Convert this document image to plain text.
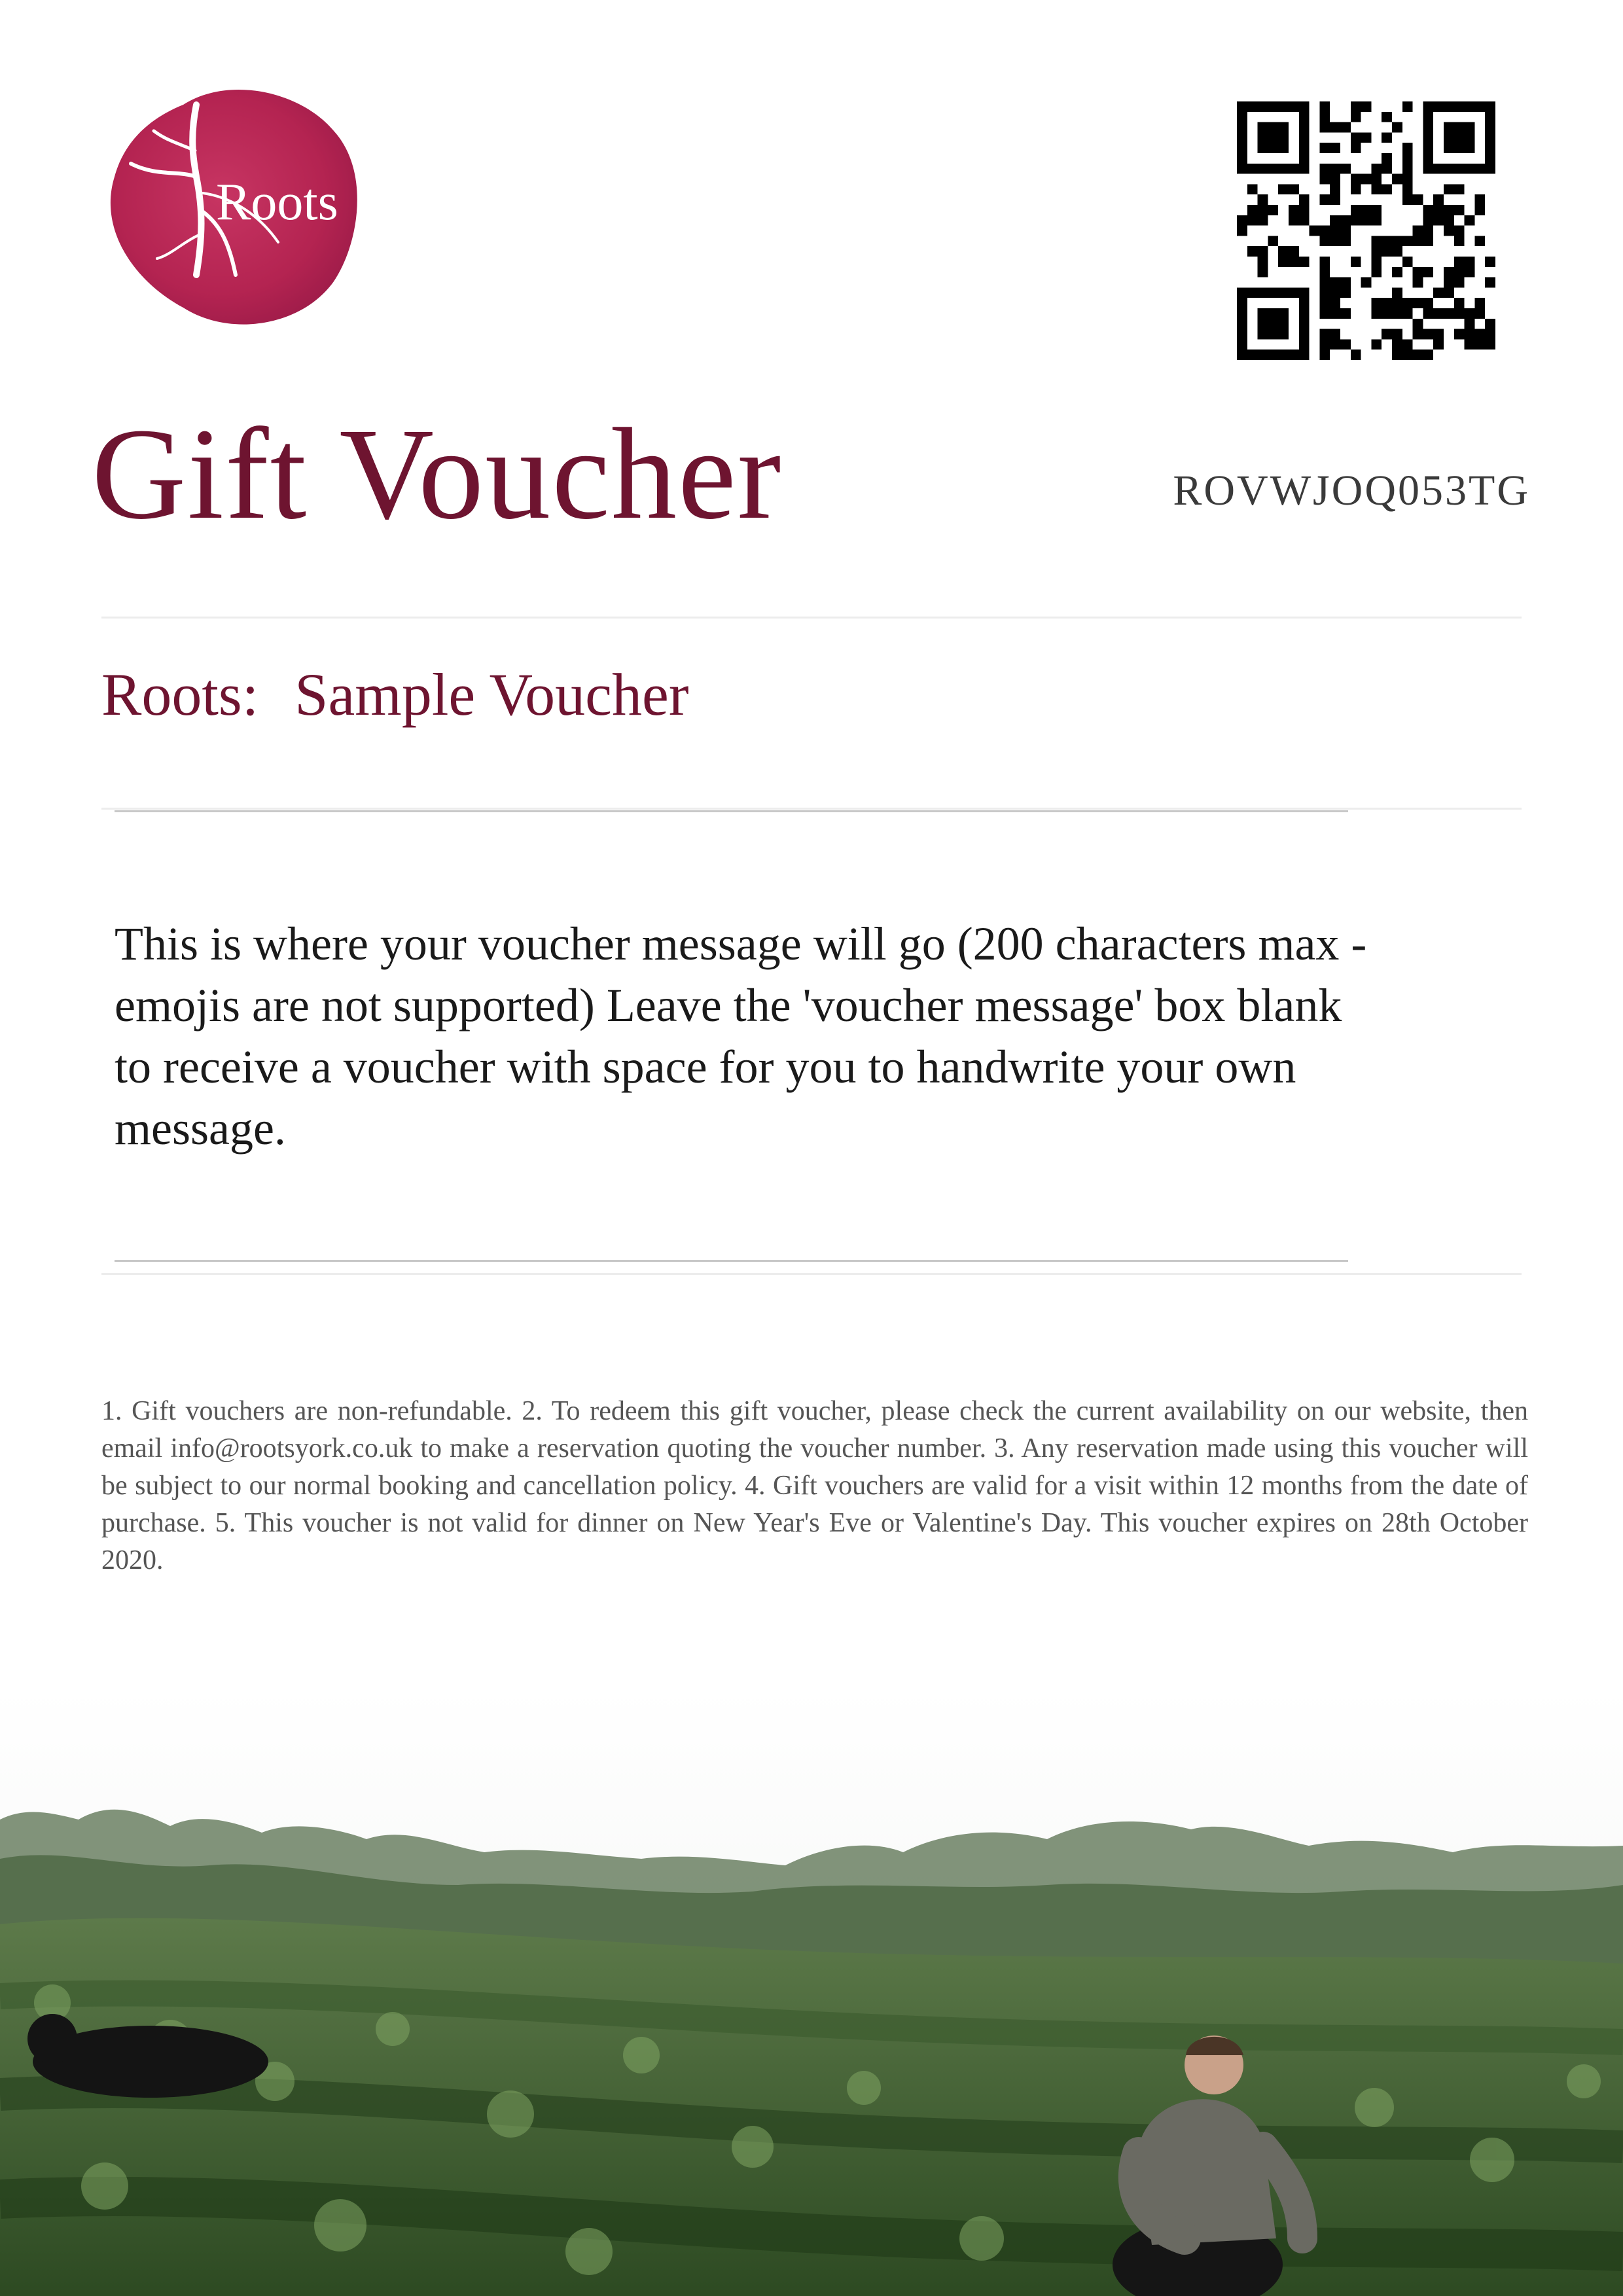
Roots
Gift Voucher	ROVWJOQ053TG
Roots: Sample Voucher
This is where your voucher message will go (200 characters max - emojis are not supported) Leave the 'voucher message' box blank to receive a voucher with space for you to handwrite your own message.
1. Gift vouchers are non-refundable. 2. To redeem this gift voucher, please check the current availability on our website, then email info@rootsyork.co.uk to make a reservation quoting the voucher number. 3. Any reservation made using this voucher will be subject to our normal booking and cancellation policy. 4. Gift vouchers are valid for a visit within 12 months from the date of purchase. 5. This voucher is not valid for dinner on New Year's Eve or Valentine's Day. This voucher expires on 28th October 2020.
